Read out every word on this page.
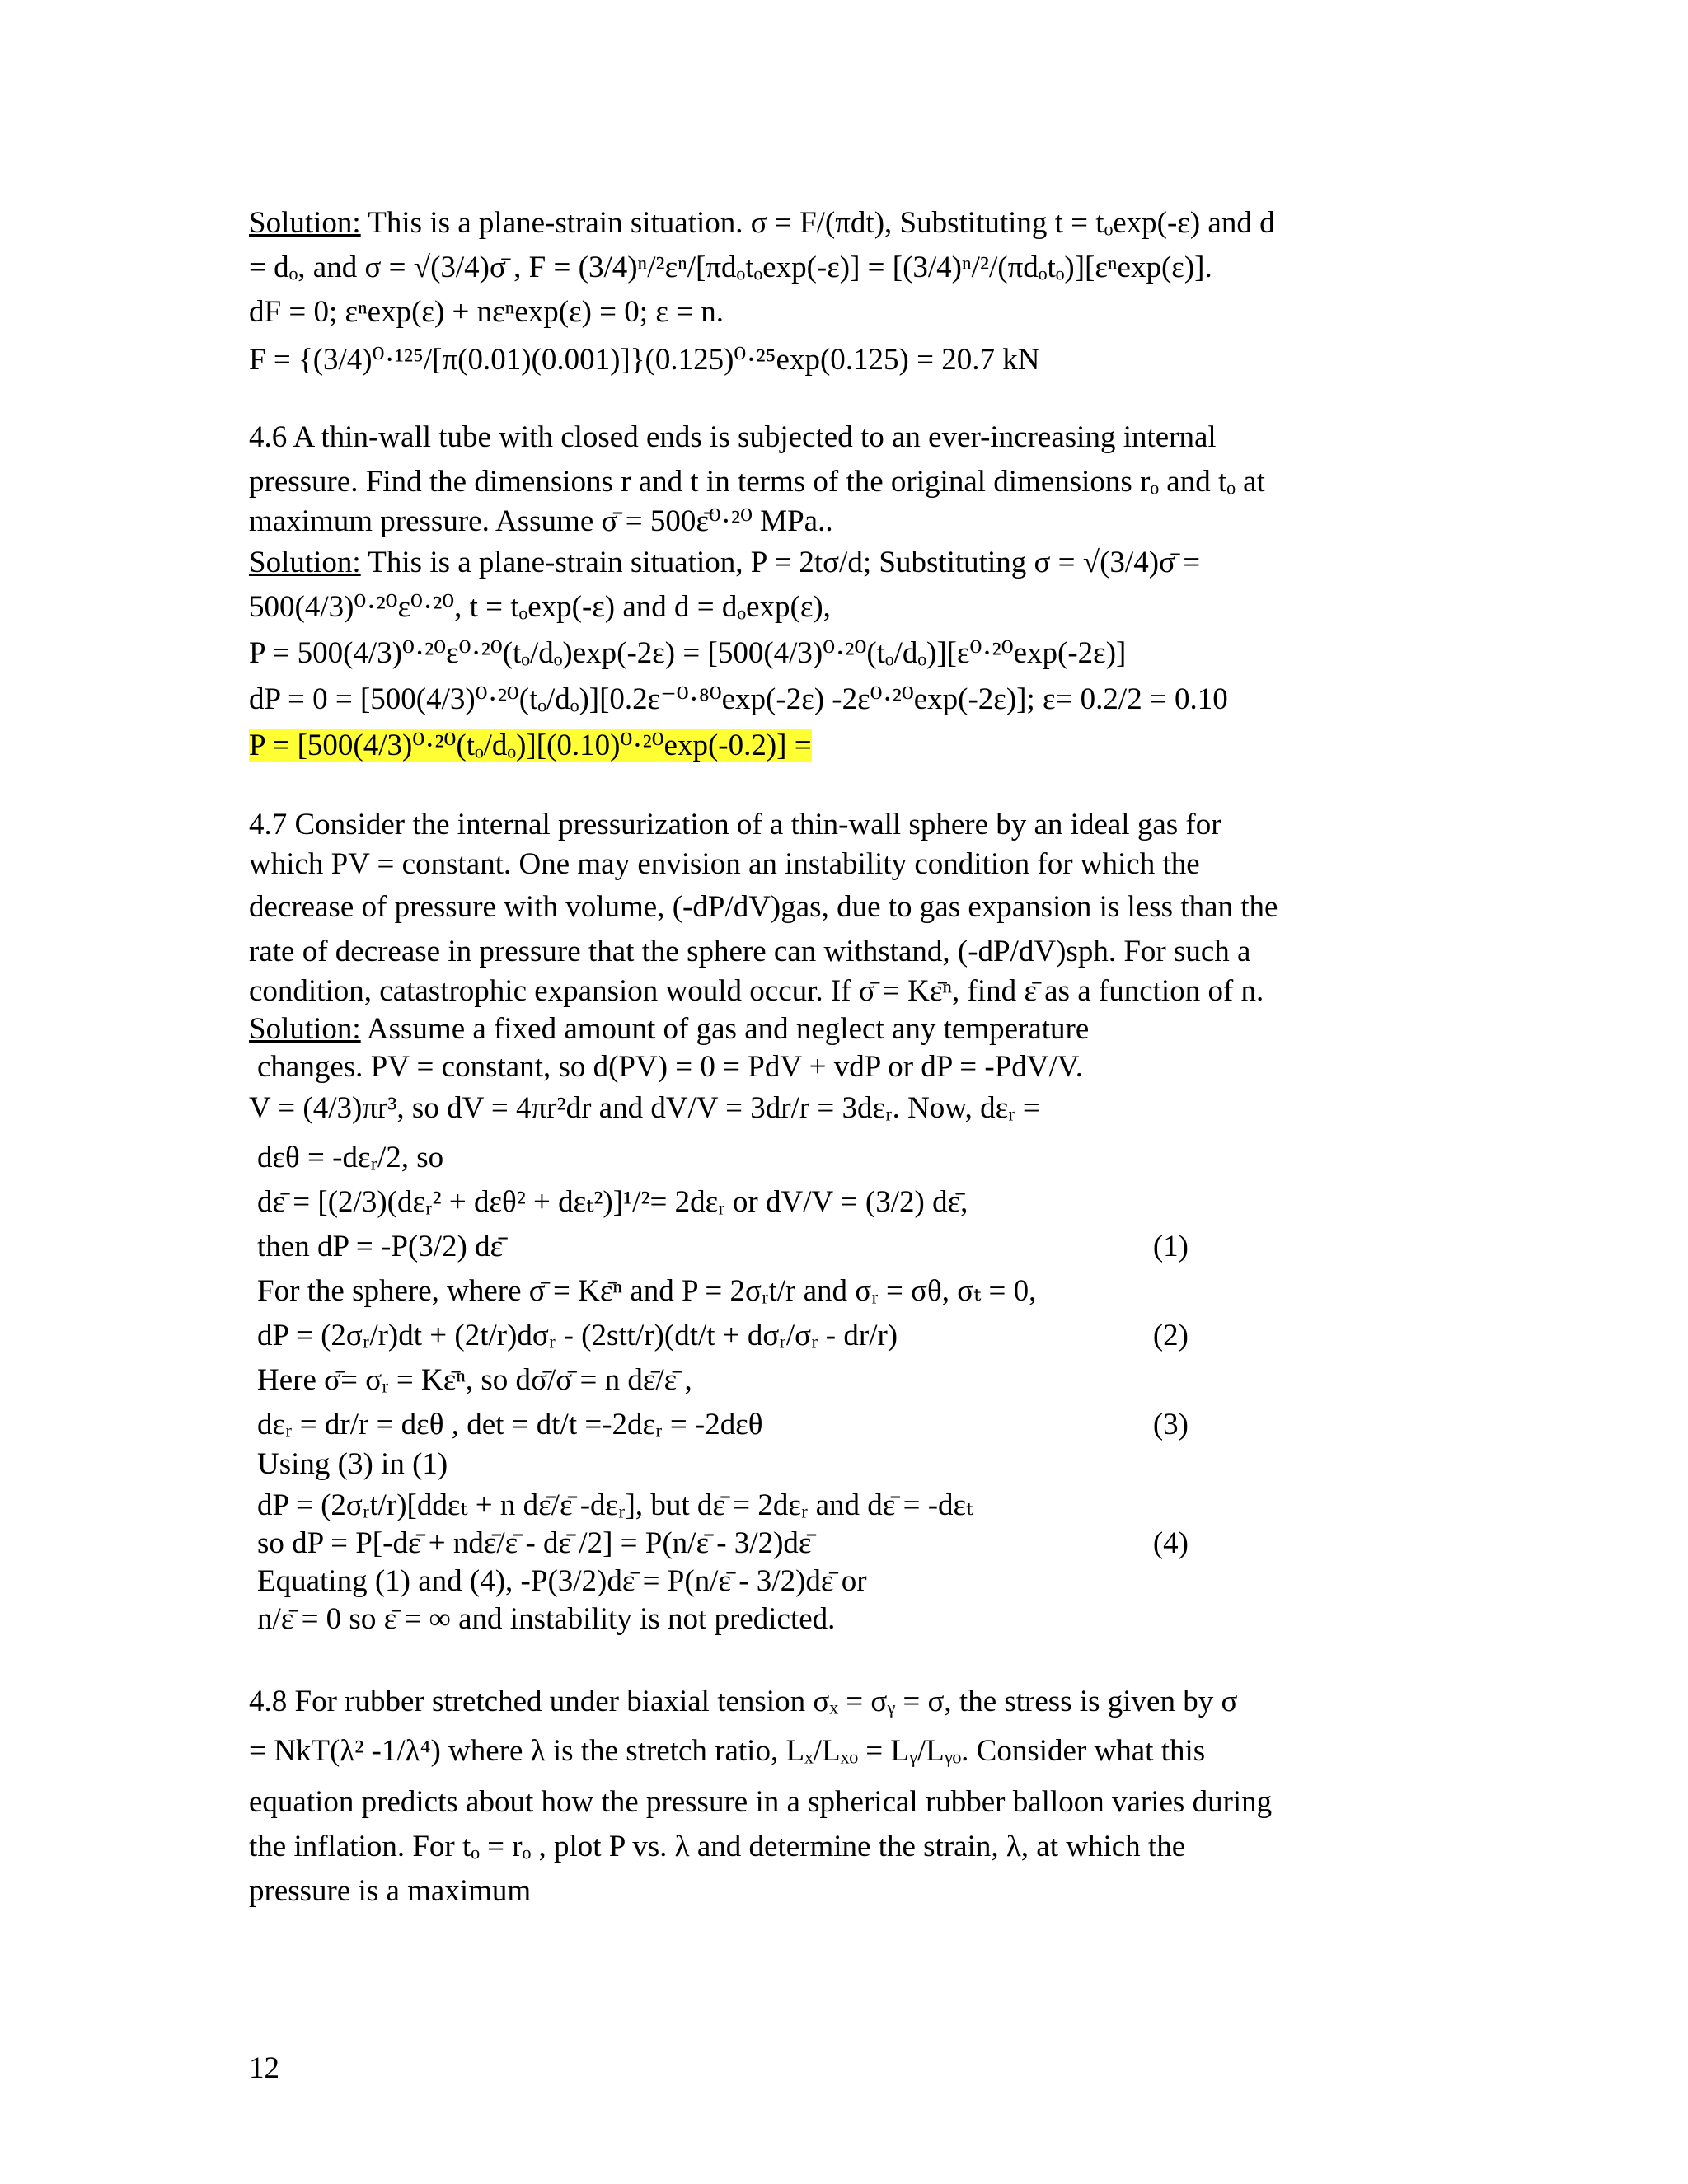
Solution: This is a plane-strain situation. σ = F/(πdt), Substituting t = tₒexp(-ε) and d
= dₒ, and σ = √(3/4)σ̄ , F = (3/4)ⁿ/²εⁿ/[πdₒtₒexp(-ε)] = [(3/4)ⁿ/²/(πdₒtₒ)][εⁿexp(ε)].
dF = 0; εⁿexp(ε) + nεⁿexp(ε) = 0; ε = n.
F = {(3/4)⁰·¹²⁵/[π(0.01)(0.001)]}(0.125)⁰·²⁵exp(0.125) = 20.7 kN
4.6 A thin-wall tube with closed ends is subjected to an ever-increasing internal
pressure. Find the dimensions r and t in terms of the original dimensions rₒ and tₒ at
maximum pressure. Assume σ̄ = 500ε̄⁰·²⁰ MPa..
Solution: This is a plane-strain situation, P = 2tσ/d; Substituting σ = √(3/4)σ̄ =
500(4/3)⁰·²⁰ε⁰·²⁰, t = tₒexp(-ε) and d = dₒexp(ε),
P = 500(4/3)⁰·²⁰ε⁰·²⁰(tₒ/dₒ)exp(-2ε) = [500(4/3)⁰·²⁰(tₒ/dₒ)][ε⁰·²⁰exp(-2ε)]
dP = 0 = [500(4/3)⁰·²⁰(tₒ/dₒ)][0.2ε⁻⁰·⁸⁰exp(-2ε) -2ε⁰·²⁰exp(-2ε)]; ε= 0.2/2 = 0.10
P = [500(4/3)⁰·²⁰(tₒ/dₒ)][(0.10)⁰·²⁰exp(-0.2)] =
4.7 Consider the internal pressurization of a thin-wall sphere by an ideal gas for
which PV = constant. One may envision an instability condition for which the
decrease of pressure with volume, (-dP/dV)gas, due to gas expansion is less than the
rate of decrease in pressure that the sphere can withstand, (-dP/dV)sph. For such a
condition, catastrophic expansion would occur. If σ̄ = Kε̄ⁿ, find ε̄ as a function of n.
Solution: Assume a fixed amount of gas and neglect any temperature
changes. PV = constant, so d(PV) = 0 = PdV + vdP or dP = -PdV/V.
V = (4/3)πr³, so dV = 4πr²dr and dV/V = 3dr/r = 3dεᵣ. Now, dεᵣ =
dεθ = -dεᵣ/2, so
dε̄ = [(2/3)(dεᵣ² + dεθ² + dεₜ²)]¹/²= 2dεᵣ or dV/V = (3/2) dε̄,
then dP = -P(3/2) dε̄	(1)
For the sphere, where σ̄ = Kε̄ⁿ and P = 2σᵣt/r and σᵣ = σθ, σₜ = 0,
dP = (2σᵣ/r)dt + (2t/r)dσᵣ - (2stt/r)(dt/t + dσᵣ/σᵣ - dr/r)	(2)
Here σ̄= σᵣ = Kε̄ⁿ, so dσ̄/σ̄ = n dε̄/ε̄ ,
dεᵣ = dr/r = dεθ , det = dt/t =-2dεᵣ = -2dεθ	(3)
Using (3) in (1)
dP = (2σᵣt/r)[ddεₜ + n dε̄/ε̄ -dεᵣ], but dε̄ = 2dεᵣ and dε̄ = -dεₜ
so dP = P[-dε̄ + ndε̄/ε̄ - dε̄ /2] = P(n/ε̄ - 3/2)dε̄	(4)
Equating (1) and (4), -P(3/2)dε̄ = P(n/ε̄ - 3/2)dε̄ or
n/ε̄ = 0 so ε̄ = ∞ and instability is not predicted.
4.8 For rubber stretched under biaxial tension σₓ = σᵧ = σ, the stress is given by σ
= NkT(λ² -1/λ⁴) where λ is the stretch ratio, Lₓ/Lₓₒ = Lᵧ/Lᵧₒ. Consider what this
equation predicts about how the pressure in a spherical rubber balloon varies during
the inflation. For tₒ = rₒ , plot P vs. λ and determine the strain, λ, at which the
pressure is a maximum
12
